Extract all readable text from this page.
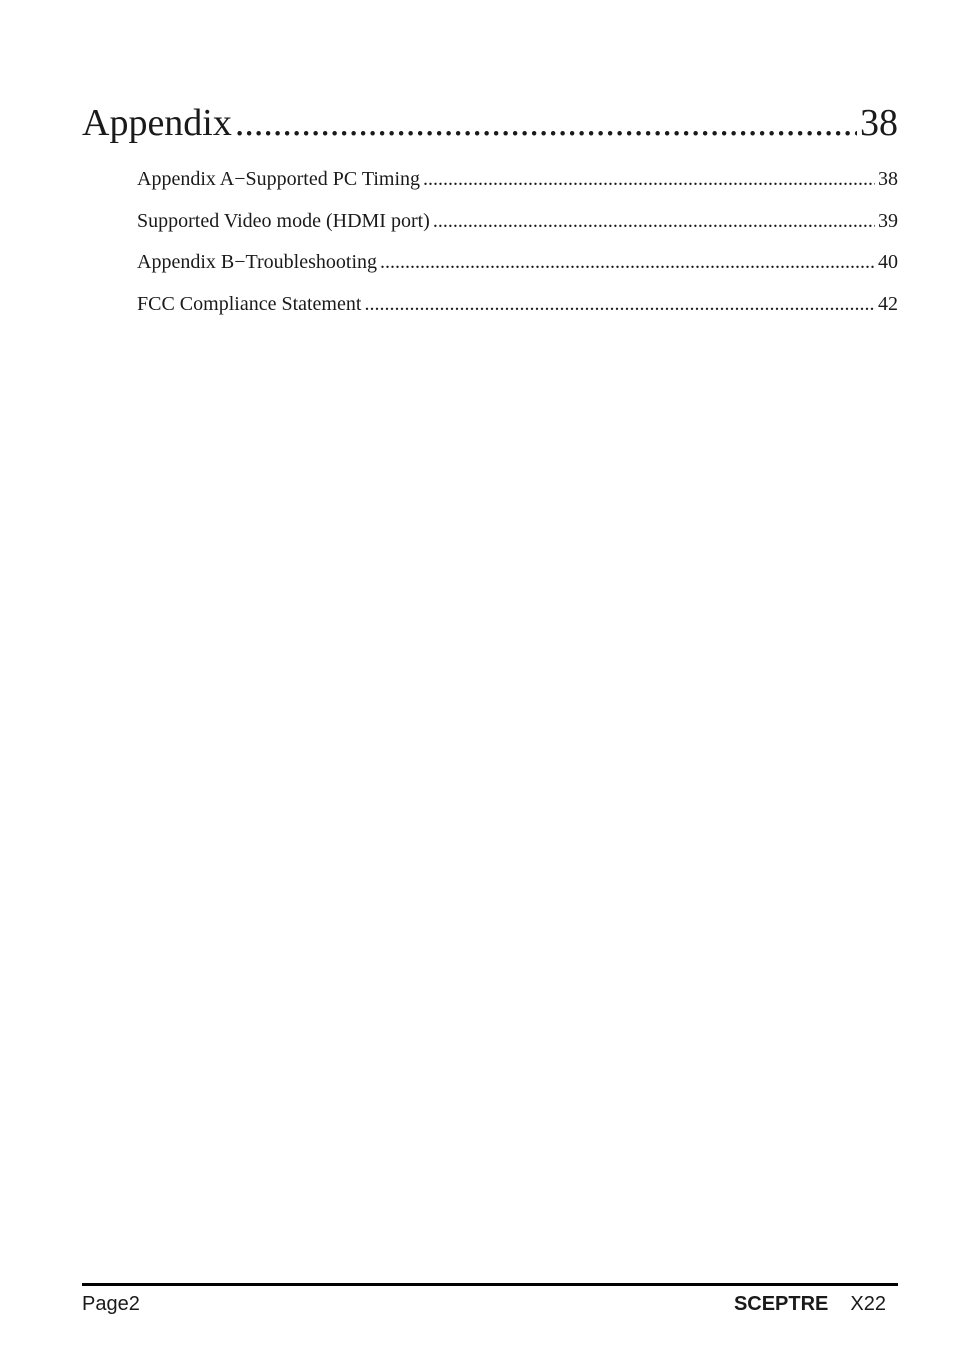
Appendix .....	38
Appendix A−Supported PC Timing .....	38
Supported Video mode (HDMI port) .....	39
Appendix B−Troubleshooting .....	40
FCC Compliance Statement .....	42
Page2	SCEPTRE X22
